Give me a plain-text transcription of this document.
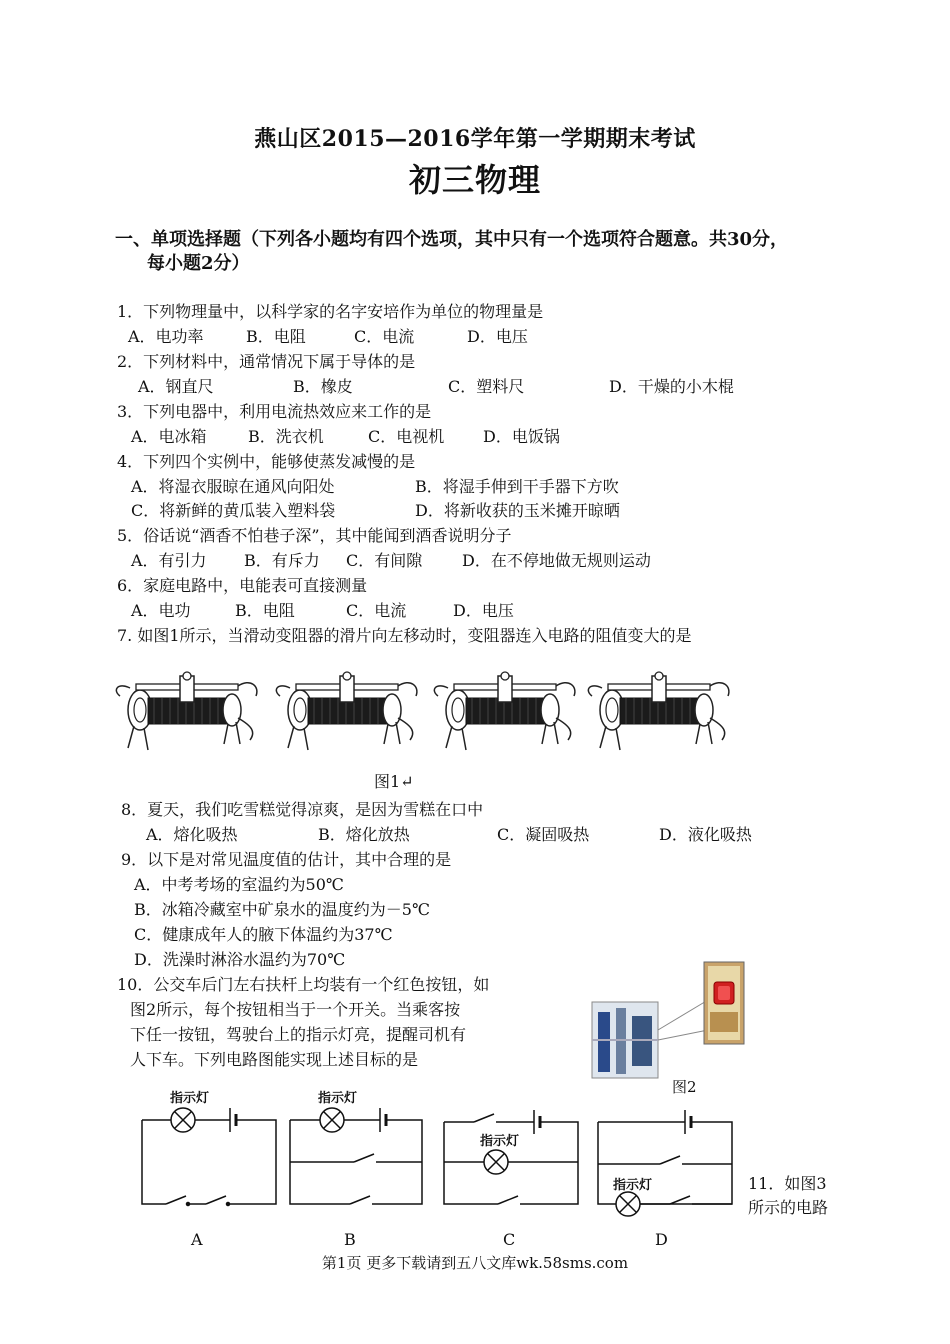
燕山区2015—2016学年第一学期期末考试
初三物理
一、单项选择题（下列各小题均有四个选项，其中只有一个选项符合题意。共30分，
每小题2分）
1．下列物理量中，以科学家的名字安培作为单位的物理量是
A．电功率	B．电阻	C．电流	D．电压
2．下列材料中，通常情况下属于导体的是
A．钢直尺	B．橡皮	C．塑料尺	D．干燥的小木棍
3．下列电器中，利用电流热效应来工作的是
A．电冰箱	B．洗衣机	C．电视机 D．电饭锅
4．下列四个实例中，能够使蒸发减慢的是
A．将湿衣服晾在通风向阳处	B．将湿手伸到干手器下方吹
C．将新鲜的黄瓜装入塑料袋	D．将新收获的玉米摊开晾晒
5．俗话说“酒香不怕巷子深”，其中能闻到酒香说明分子
A．有引力 B．有斥力 C．有间隙 D．在不停地做无规则运动
6．家庭电路中，电能表可直接测量
A．电功	B．电阻	C．电流	D．电压
7. 如图1所示，当滑动变阻器的滑片向左移动时，变阻器连入电路的阻值变大的是
图1↵
8．夏天，我们吃雪糕觉得凉爽，是因为雪糕在口中
A．熔化吸热	B．熔化放热	C．凝固吸热	D．液化吸热
9．以下是对常见温度值的估计，其中合理的是
A．中考考场的室温约为50℃
B．冰箱冷藏室中矿泉水的温度约为－5℃
C．健康成年人的腋下体温约为37℃
D．洗澡时淋浴水温约为70℃
10．公交车后门左右扶杆上均装有一个红色按钮，如
图2所示，每个按钮相当于一个开关。当乘客按
下任一按钮，驾驶台上的指示灯亮，提醒司机有
人下车。下列电路图能实现上述目标的是
图2
指示灯	指示灯
指示灯
指示灯
A	B	C	D
11．如图3
所示的电路
第1页 更多下载请到五八文库wk.58sms.com
